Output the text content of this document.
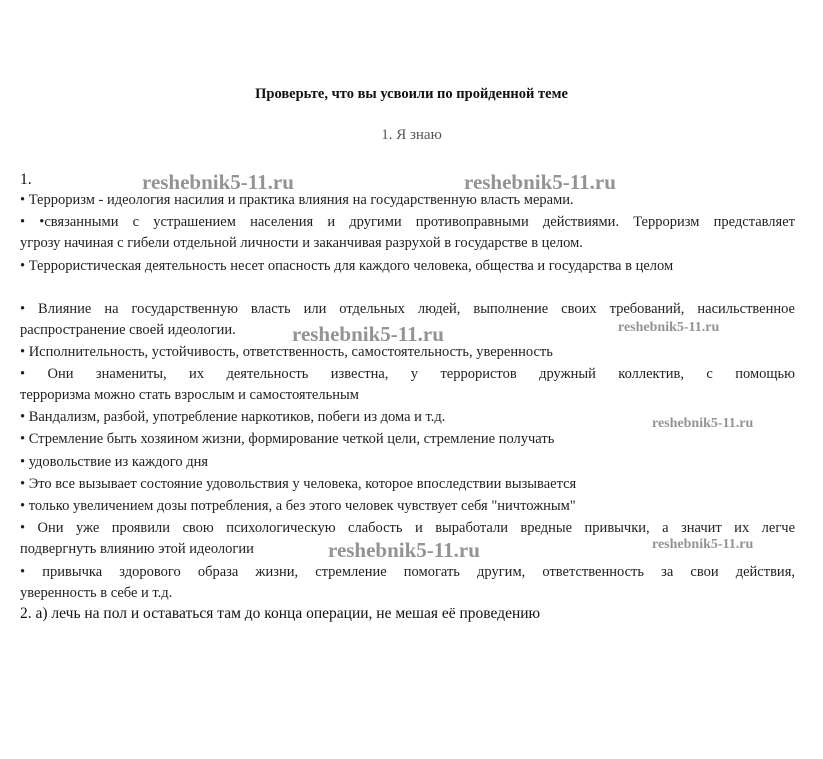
Проверьте, что вы усвоили по пройденной теме
1. Я знаю
1.
• Терроризм - идеология насилия и практика влияния на государственную власть мерами.
• •связанными с устрашением населения и другими противоправными действиями. Терроризм представляет
угрозу начиная с гибели отдельной личности и заканчивая разрухой в государстве в целом.
• Террористическая деятельность несет опасность для каждого человека, общества и государства в целом
• Влияние на государственную власть или отдельных людей, выполнение своих требований, насильственное
распространение своей идеологии.
• Исполнительность, устойчивость, ответственность, самостоятельность, уверенность
• Они знамениты, их деятельность известна, у террористов дружный коллектив, с помощью
терроризма можно стать взрослым и самостоятельным
• Вандализм, разбой, употребление наркотиков, побеги из дома и т.д.
• Стремление быть хозяином жизни, формирование четкой цели, стремление получать
• удовольствие из каждого дня
• Это все вызывает состояние удовольствия у человека, которое впоследствии вызывается
• только увеличением дозы потребления, а без этого человек чувствует себя "ничтожным"
• Они уже проявили свою психологическую слабость и выработали вредные привычки, а значит их легче
подвергнуть влиянию этой идеологии
• привычка здорового образа жизни, стремление помогать другим, ответственность за свои действия,
уверенность в себе и т.д.
2. а) лечь на пол и оставаться там до конца операции, не мешая её проведению
reshebnik5-11.ru	reshebnik5-11.ru
reshebnik5-11.ru	reshebnik5-11.ru
reshebnik5-11.ru
reshebnik5-11.ru	reshebnik5-11.ru
